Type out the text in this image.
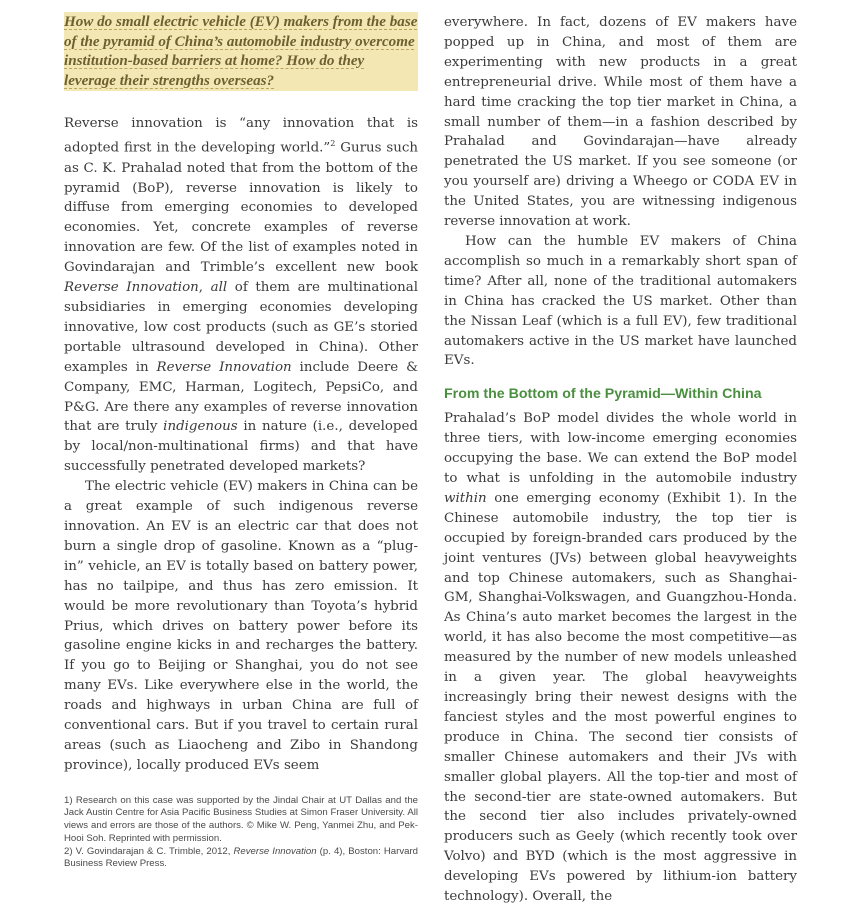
How do small electric vehicle (EV) makers from the base of the pyramid of China’s automobile industry overcome institution-based barriers at home? How do they leverage their strengths overseas?

Reverse innovation is “any innovation that is adopted first in the developing world.”$^2$ Gurus such as C. K. Prahalad noted that from the bottom of the pyramid (BoP), reverse innovation is likely to diffuse from emerging economies to developed economies. Yet, concrete examples of reverse innovation are few. Of the list of examples noted in Govindarajan and Trimble’s excellent new book Reverse Innovation, all of them are multinational subsidiaries in emerging economies developing innovative, low cost products (such as GE’s storied portable ultrasound developed in China). Other examples in Reverse Innovation include Deere & Company, EMC, Harman, Logitech, PepsiCo, and P&G. Are there any examples of reverse innovation that are truly indigenous in nature (i.e., developed by local/non-multinational firms) and that have successfully penetrated developed markets?

The electric vehicle (EV) makers in China can be a great example of such indigenous reverse innovation. An EV is an electric car that does not burn a single drop of gasoline. Known as a “plug-in” vehicle, an EV is totally based on battery power, has no tailpipe, and thus has zero emission. It would be more revolutionary than Toyota’s hybrid Prius, which drives on battery power before its gasoline engine kicks in and recharges the battery. If you go to Beijing or Shanghai, you do not see many EVs. Like everywhere else in the world, the roads and highways in urban China are full of conventional cars. But if you travel to certain rural areas (such as Liaocheng and Zibo in Shandong province), locally produced EVs seem

1) Research on this case was supported by the Jindal Chair at UT Dallas and the Jack Austin Centre for Asia Pacific Business Studies at Simon Fraser University. All views and errors are those of the authors. © Mike W. Peng, Yanmei Zhu, and Pek-Hooi Soh. Reprinted with permission.
2) V. Govindarajan & C. Trimble, 2012, Reverse Innovation (p. 4), Boston: Harvard Business Review Press.

everywhere. In fact, dozens of EV makers have popped up in China, and most of them are experimenting with new products in a great entrepreneurial drive. While most of them have a hard time cracking the top tier market in China, a small number of them—in a fashion described by Prahalad and Govindarajan—have already penetrated the US market. If you see someone (or you yourself are) driving a Wheego or CODA EV in the United States, you are witnessing indigenous reverse innovation at work.

How can the humble EV makers of China accomplish so much in a remarkably short span of time? After all, none of the traditional automakers in China has cracked the US market. Other than the Nissan Leaf (which is a full EV), few traditional automakers active in the US market have launched EVs.

From the Bottom of the Pyramid—Within China

Prahalad’s BoP model divides the whole world in three tiers, with low-income emerging economies occupying the base. We can extend the BoP model to what is unfolding in the automobile industry within one emerging economy (Exhibit 1). In the Chinese automobile industry, the top tier is occupied by foreign-branded cars produced by the joint ventures (JVs) between global heavyweights and top Chinese automakers, such as Shanghai-GM, Shanghai-Volkswagen, and Guangzhou-Honda. As China’s auto market becomes the largest in the world, it has also become the most competitive—as measured by the number of new models unleashed in a given year. The global heavyweights increasingly bring their newest designs with the fanciest styles and the most powerful engines to produce in China. The second tier consists of smaller Chinese automakers and their JVs with smaller global players. All the top-tier and most of the second-tier are state-owned automakers. But the second tier also includes privately-owned producers such as Geely (which recently took over Volvo) and BYD (which is the most aggressive in developing EVs powered by lithium-ion battery technology). Overall, the
